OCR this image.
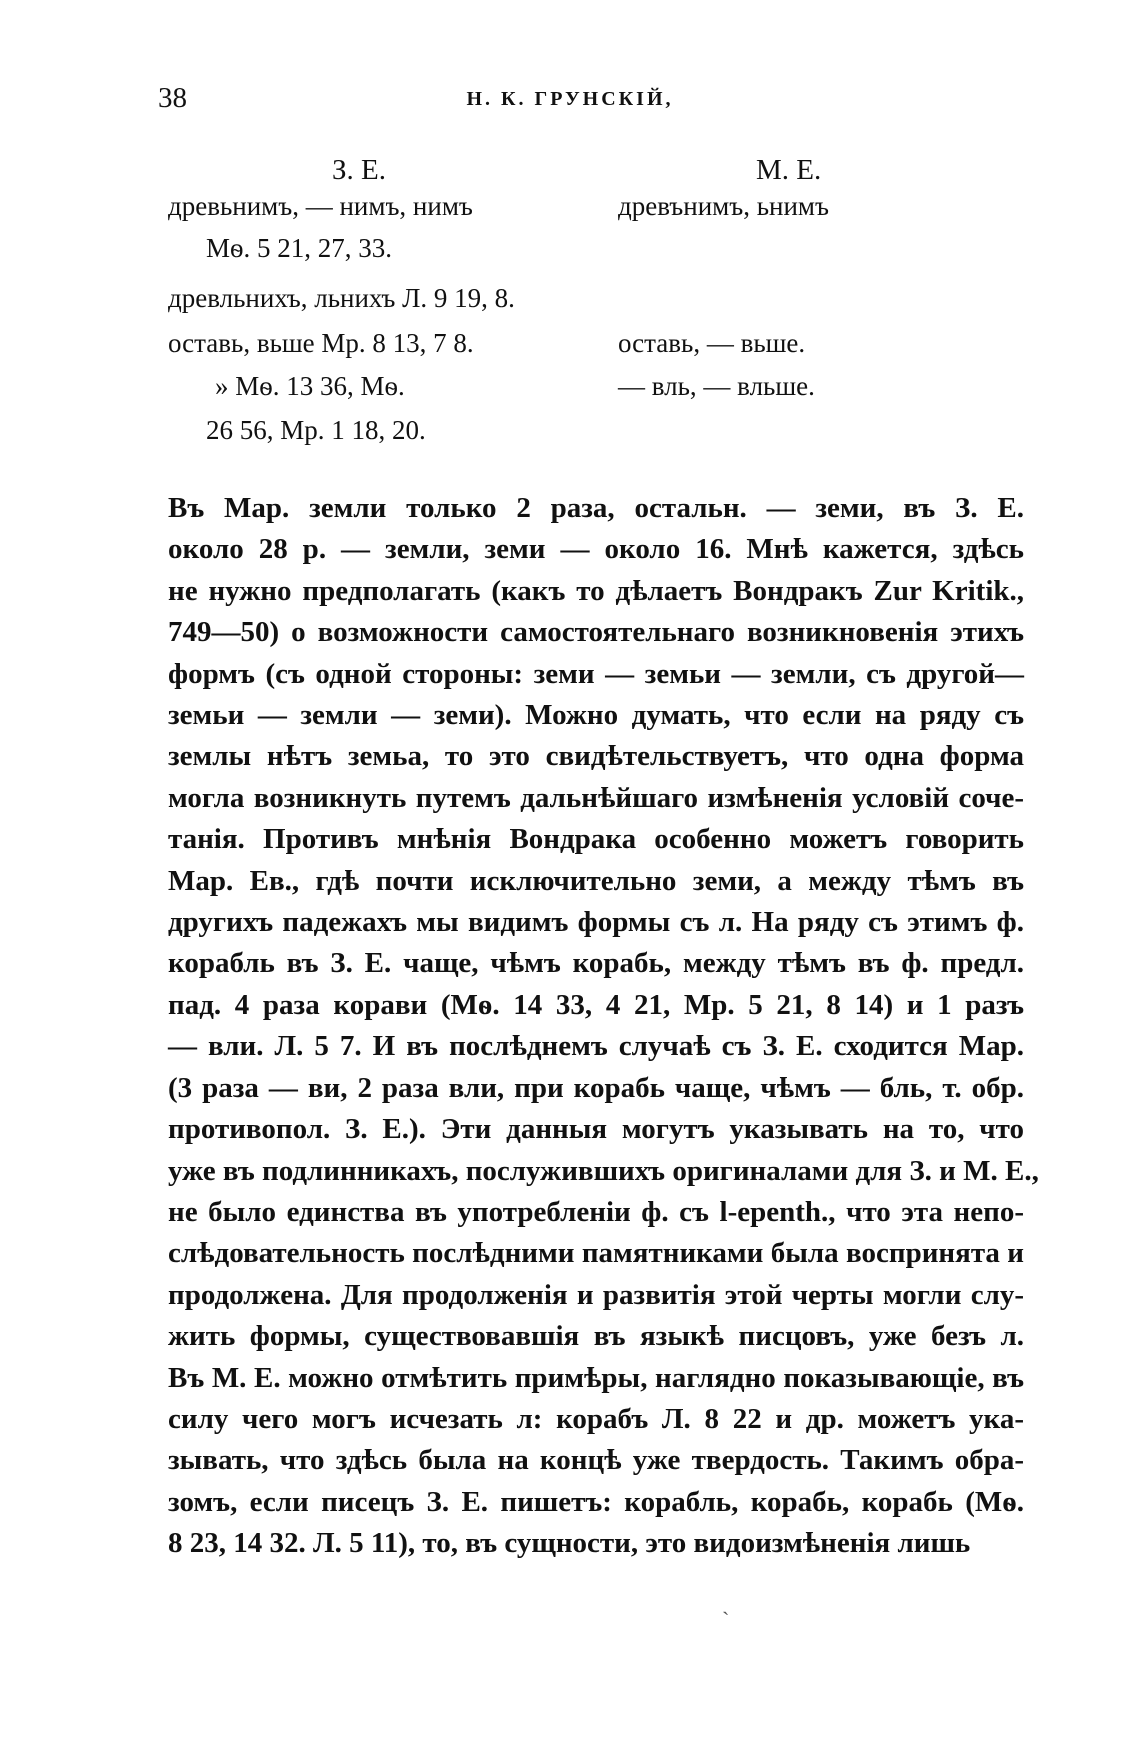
38	Н. К. ГРУНСКІЙ,
З. Е.	М. Е.
древьнимъ, — нимъ, нимъ
Мѳ. 5 21, 27, 33.
древльнихъ, льнихъ Л. 9 19, 8.
оставь, вьше Мр. 8 13, 7 8.
» Мѳ. 13 36, Мѳ.
26 56, Мр. 1 18, 20.
древънимъ, ьнимъ
оставь, — вьше.
— вль, — вльше.
Въ Мар. земли только 2 раза, остальн. — земи, въ З. Е.
около 28 р. — земли, земи — около 16. Мнѣ кажется, здѣсь
не нужно предполагать (какъ то дѣлаетъ Вондракъ Zur Kritik.,
749—50) о возможности самостоятельнаго возникновенія этихъ
формъ (съ одной стороны: земи — земьи — земли, съ другой—
земьи — земли — земи). Можно думать, что если на ряду съ
землы нѣтъ земьа, то это свидѣтельствуетъ, что одна форма
могла возникнуть путемъ дальнѣйшаго измѣненія условій соче-
танія. Противъ мнѣнія Вондрака особенно можетъ говорить
Мар. Ев., гдѣ почти исключительно земи, а между тѣмъ въ
другихъ падежахъ мы видимъ формы съ л. На ряду съ этимъ ф.
корабль въ З. Е. чаще, чѣмъ корабь, между тѣмъ въ ф. предл.
пад. 4 раза корави (Мѳ. 14 33, 4 21, Мр. 5 21, 8 14) и 1 разъ
— вли. Л. 5 7. И въ послѣднемъ случаѣ съ З. Е. сходится Мар.
(3 раза — ви, 2 раза вли, при корабь чаще, чѣмъ — бль, т. обр.
противопол. З. Е.). Эти данныя могутъ указывать на то, что
уже въ подлинникахъ, послужившихъ оригиналами для З. и М. Е.,
не было единства въ употребленіи ф. съ l-epenth., что эта непо-
слѣдовательность послѣдними памятниками была воспринята и
продолжена. Для продолженія и развитія этой черты могли слу-
жить формы, существовавшія въ языкѣ писцовъ, уже безъ л.
Въ М. Е. можно отмѣтить примѣры, наглядно показывающіе, въ
силу чего могъ исчезать л: корабъ Л. 8 22 и др. можетъ ука-
зывать, что здѣсь была на концѣ уже твердость. Такимъ обра-
зомъ, если писецъ З. Е. пишетъ: корабль, корабь, корабь (Мѳ.
8 23, 14 32. Л. 5 11), то, въ сущности, это видоизмѣненія лишь
ˏ
